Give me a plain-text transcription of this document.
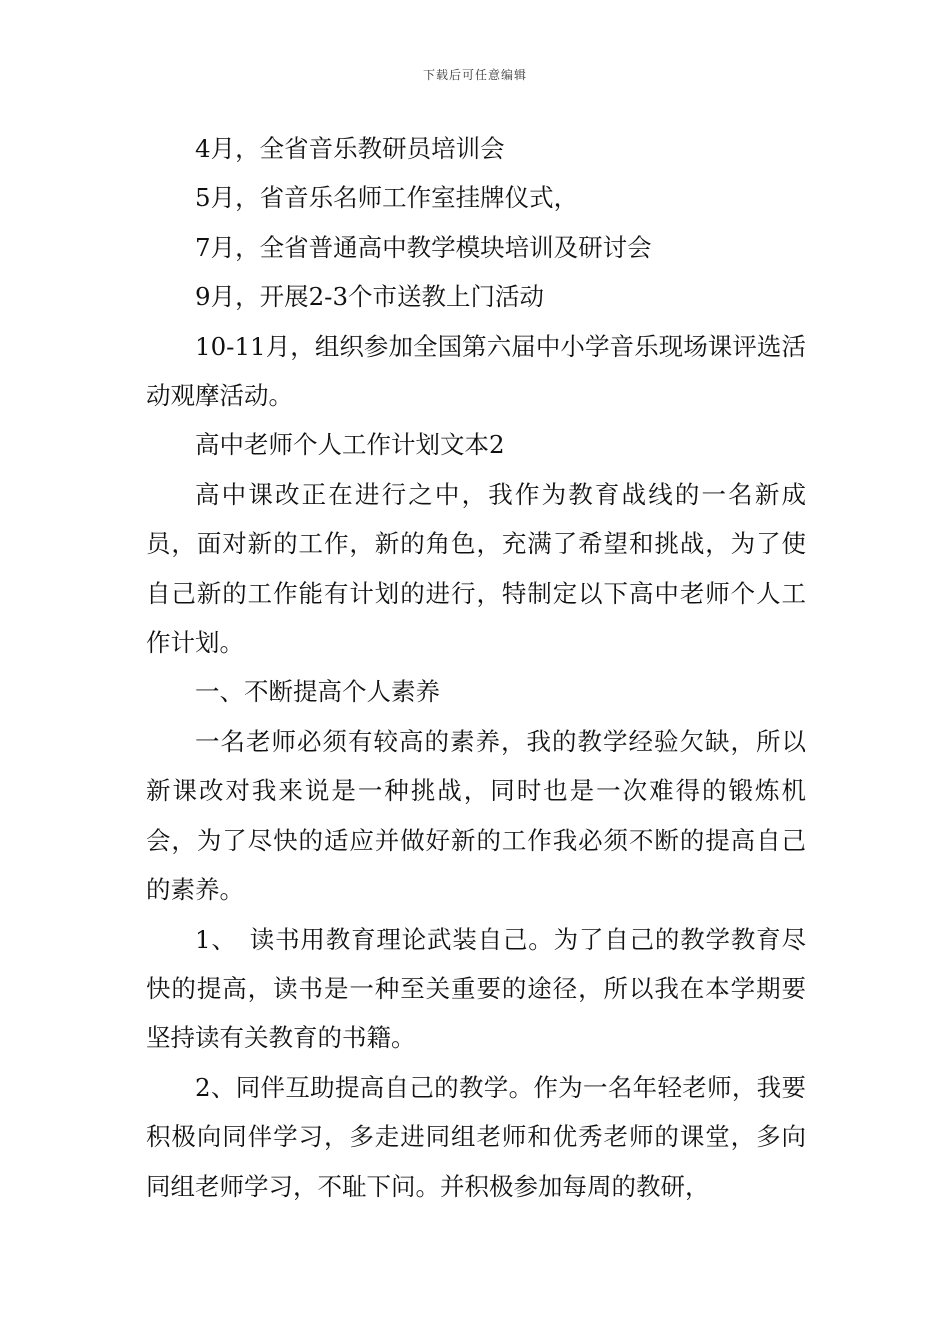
下载后可任意编辑

4月，全省音乐教研员培训会

5月，省音乐名师工作室挂牌仪式，

7月，全省普通高中教学模块培训及研讨会

9月，开展2-3个市送教上门活动

10-11月，组织参加全国第六届中小学音乐现场课评选活动观摩活动。

高中老师个人工作计划文本2

高中课改正在进行之中，我作为教育战线的一名新成员，面对新的工作，新的角色，充满了希望和挑战，为了使自己新的工作能有计划的进行，特制定以下高中老师个人工作计划。

一、不断提高个人素养

一名老师必须有较高的素养，我的教学经验欠缺，所以新课改对我来说是一种挑战，同时也是一次难得的锻炼机会，为了尽快的适应并做好新的工作我必须不断的提高自己的素养。

1、　读书用教育理论武装自己。为了自己的教学教育尽快的提高，读书是一种至关重要的途径，所以我在本学期要坚持读有关教育的书籍。

2、同伴互助提高自己的教学。作为一名年轻老师，我要积极向同伴学习，多走进同组老师和优秀老师的课堂，多向同组老师学习，不耻下问。并积极参加每周的教研，
